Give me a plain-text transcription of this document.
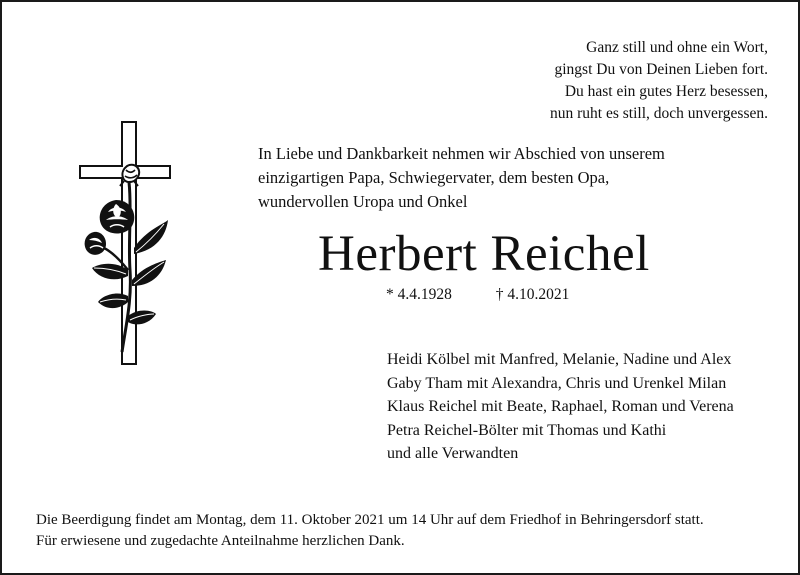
Ganz still und ohne ein Wort,
gingst Du von Deinen Lieben fort.
Du hast ein gutes Herz besessen,
nun ruht es still, doch unvergessen.
In Liebe und Dankbarkeit nehmen wir Abschied von unserem
einzigartigen Papa, Schwiegervater, dem besten Opa,
wundervollen Uropa und Onkel
Herbert Reichel
* 4.4.1928	† 4.10.2021
Heidi Kölbel mit Manfred, Melanie, Nadine und Alex
Gaby Tham mit Alexandra, Chris und Urenkel Milan
Klaus Reichel mit Beate, Raphael, Roman und Verena
Petra Reichel-Bölter mit Thomas und Kathi
und alle Verwandten
Die Beerdigung findet am Montag, dem 11. Oktober 2021 um 14 Uhr auf dem Friedhof in Behringersdorf statt.
Für erwiesene und zugedachte Anteilnahme herzlichen Dank.
